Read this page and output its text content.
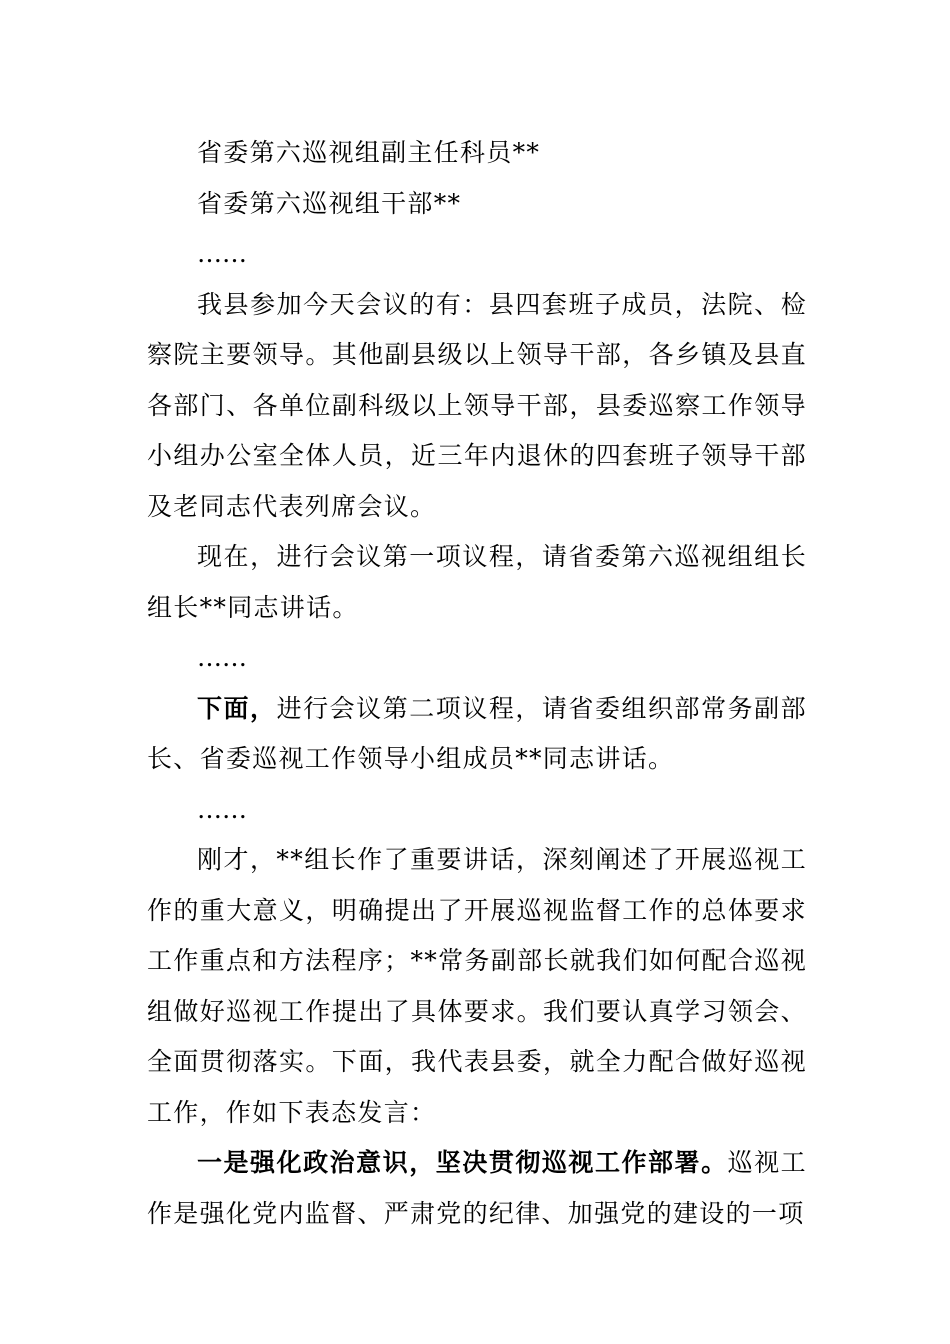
省委第六巡视组副主任科员**

省委第六巡视组干部**

……

我县参加今天会议的有：县四套班子成员，法院、检察院主要领导。其他副县级以上领导干部，各乡镇及县直各部门、各单位副科级以上领导干部，县委巡察工作领导小组办公室全体人员，近三年内退休的四套班子领导干部及老同志代表列席会议。

现在，进行会议第一项议程，请省委第六巡视组组长组长**同志讲话。

……

下面，进行会议第二项议程，请省委组织部常务副部长、省委巡视工作领导小组成员**同志讲话。

……

刚才，**组长作了重要讲话，深刻阐述了开展巡视工作的重大意义，明确提出了开展巡视监督工作的总体要求工作重点和方法程序；**常务副部长就我们如何配合巡视组做好巡视工作提出了具体要求。我们要认真学习领会、全面贯彻落实。下面，我代表县委，就全力配合做好巡视工作，作如下表态发言：

一是强化政治意识，坚决贯彻巡视工作部署。巡视工作是强化党内监督、严肃党的纪律、加强党的建设的一项
